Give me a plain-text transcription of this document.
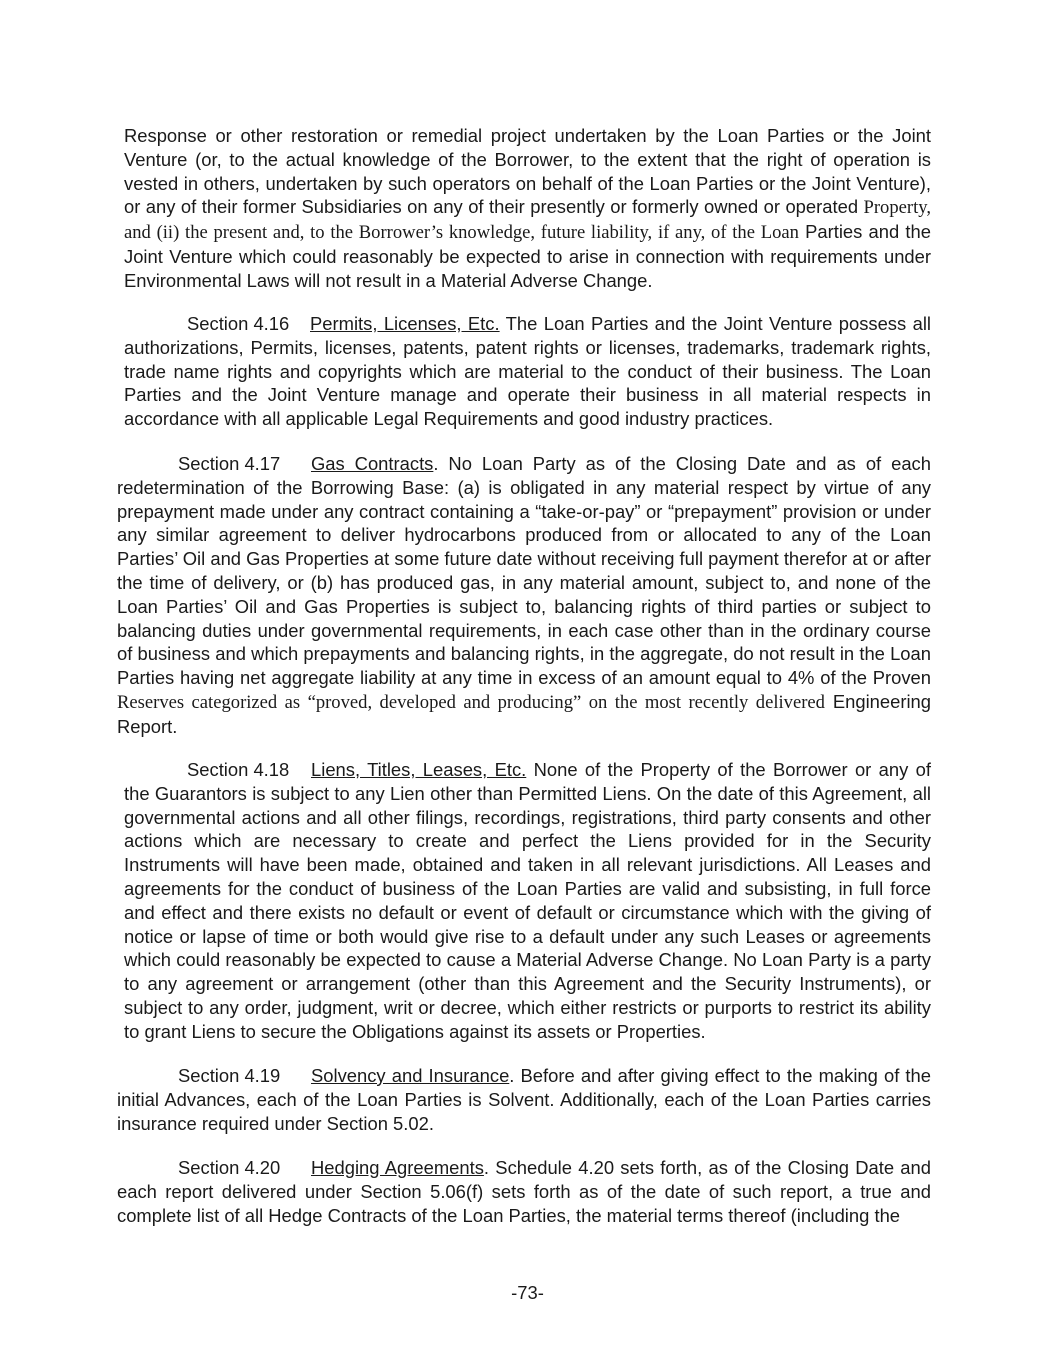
Response or other restoration or remedial project undertaken by the Loan Parties or the Joint Venture (or, to the actual knowledge of the Borrower, to the extent that the right of operation is vested in others, undertaken by such operators on behalf of the Loan Parties or the Joint Venture), or any of their former Subsidiaries on any of their presently or formerly owned or operated Property, and (ii) the present and, to the Borrower’s knowledge, future liability, if any, of the Loan Parties and the Joint Venture which could reasonably be expected to arise in connection with requirements under Environmental Laws will not result in a Material Adverse Change.

Section 4.16 Permits, Licenses, Etc. The Loan Parties and the Joint Venture possess all authorizations, Permits, licenses, patents, patent rights or licenses, trademarks, trademark rights, trade name rights and copyrights which are material to the conduct of their business. The Loan Parties and the Joint Venture manage and operate their business in all material respects in accordance with all applicable Legal Requirements and good industry practices.

Section 4.17 Gas Contracts. No Loan Party as of the Closing Date and as of each redetermination of the Borrowing Base: (a) is obligated in any material respect by virtue of any prepayment made under any contract containing a “take-or-pay” or “prepayment” provision or under any similar agreement to deliver hydrocarbons produced from or allocated to any of the Loan Parties’ Oil and Gas Properties at some future date without receiving full payment therefor at or after the time of delivery, or (b) has produced gas, in any material amount, subject to, and none of the Loan Parties’ Oil and Gas Properties is subject to, balancing rights of third parties or subject to balancing duties under governmental requirements, in each case other than in the ordinary course of business and which prepayments and balancing rights, in the aggregate, do not result in the Loan Parties having net aggregate liability at any time in excess of an amount equal to 4% of the Proven Reserves categorized as “proved, developed and producing” on the most recently delivered Engineering Report.

Section 4.18 Liens, Titles, Leases, Etc. None of the Property of the Borrower or any of the Guarantors is subject to any Lien other than Permitted Liens. On the date of this Agreement, all governmental actions and all other filings, recordings, registrations, third party consents and other actions which are necessary to create and perfect the Liens provided for in the Security Instruments will have been made, obtained and taken in all relevant jurisdictions. All Leases and agreements for the conduct of business of the Loan Parties are valid and subsisting, in full force and effect and there exists no default or event of default or circumstance which with the giving of notice or lapse of time or both would give rise to a default under any such Leases or agreements which could reasonably be expected to cause a Material Adverse Change. No Loan Party is a party to any agreement or arrangement (other than this Agreement and the Security Instruments), or subject to any order, judgment, writ or decree, which either restricts or purports to restrict its ability to grant Liens to secure the Obligations against its assets or Properties.

Section 4.19 Solvency and Insurance. Before and after giving effect to the making of the initial Advances, each of the Loan Parties is Solvent. Additionally, each of the Loan Parties carries insurance required under Section 5.02.

Section 4.20 Hedging Agreements. Schedule 4.20 sets forth, as of the Closing Date and each report delivered under Section 5.06(f) sets forth as of the date of such report, a true and complete list of all Hedge Contracts of the Loan Parties, the material terms thereof (including the

-73-
